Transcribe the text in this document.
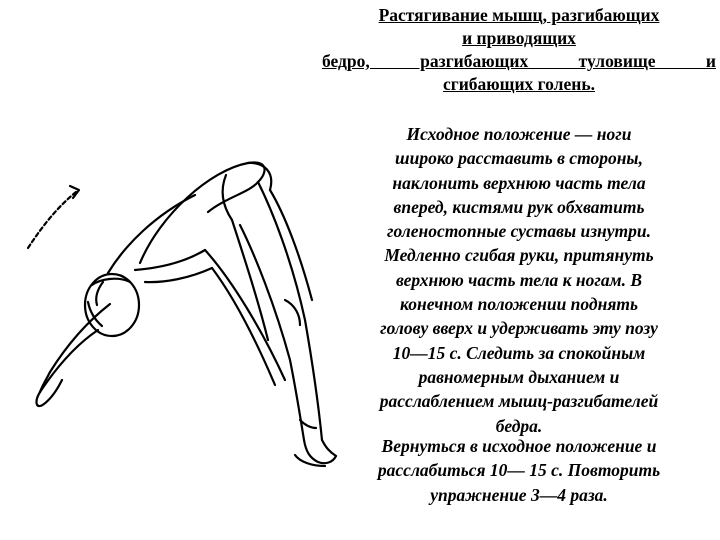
Растягивание мышц, разгибающих
и приводящих
бедро, разгибающих туловище и
сгибающих голень.
Исходное положение — ноги
широко расставить в стороны,
наклонить верхнюю часть тела
вперед, кистями рук обхватить
голеностопные суставы изнутри.
Медленно сгибая руки, притянуть
верхнюю часть тела к ногам. В
конечном положении поднять
голову вверх и удерживать эту позу
10—15 с. Следить за спокойным
равномерным дыханием и
расслаблением мышц-разгибателей
бедра.
Вернуться в исходное положение и
расслабиться 10— 15 с. Повторить
упражнение 3—4 раза.
